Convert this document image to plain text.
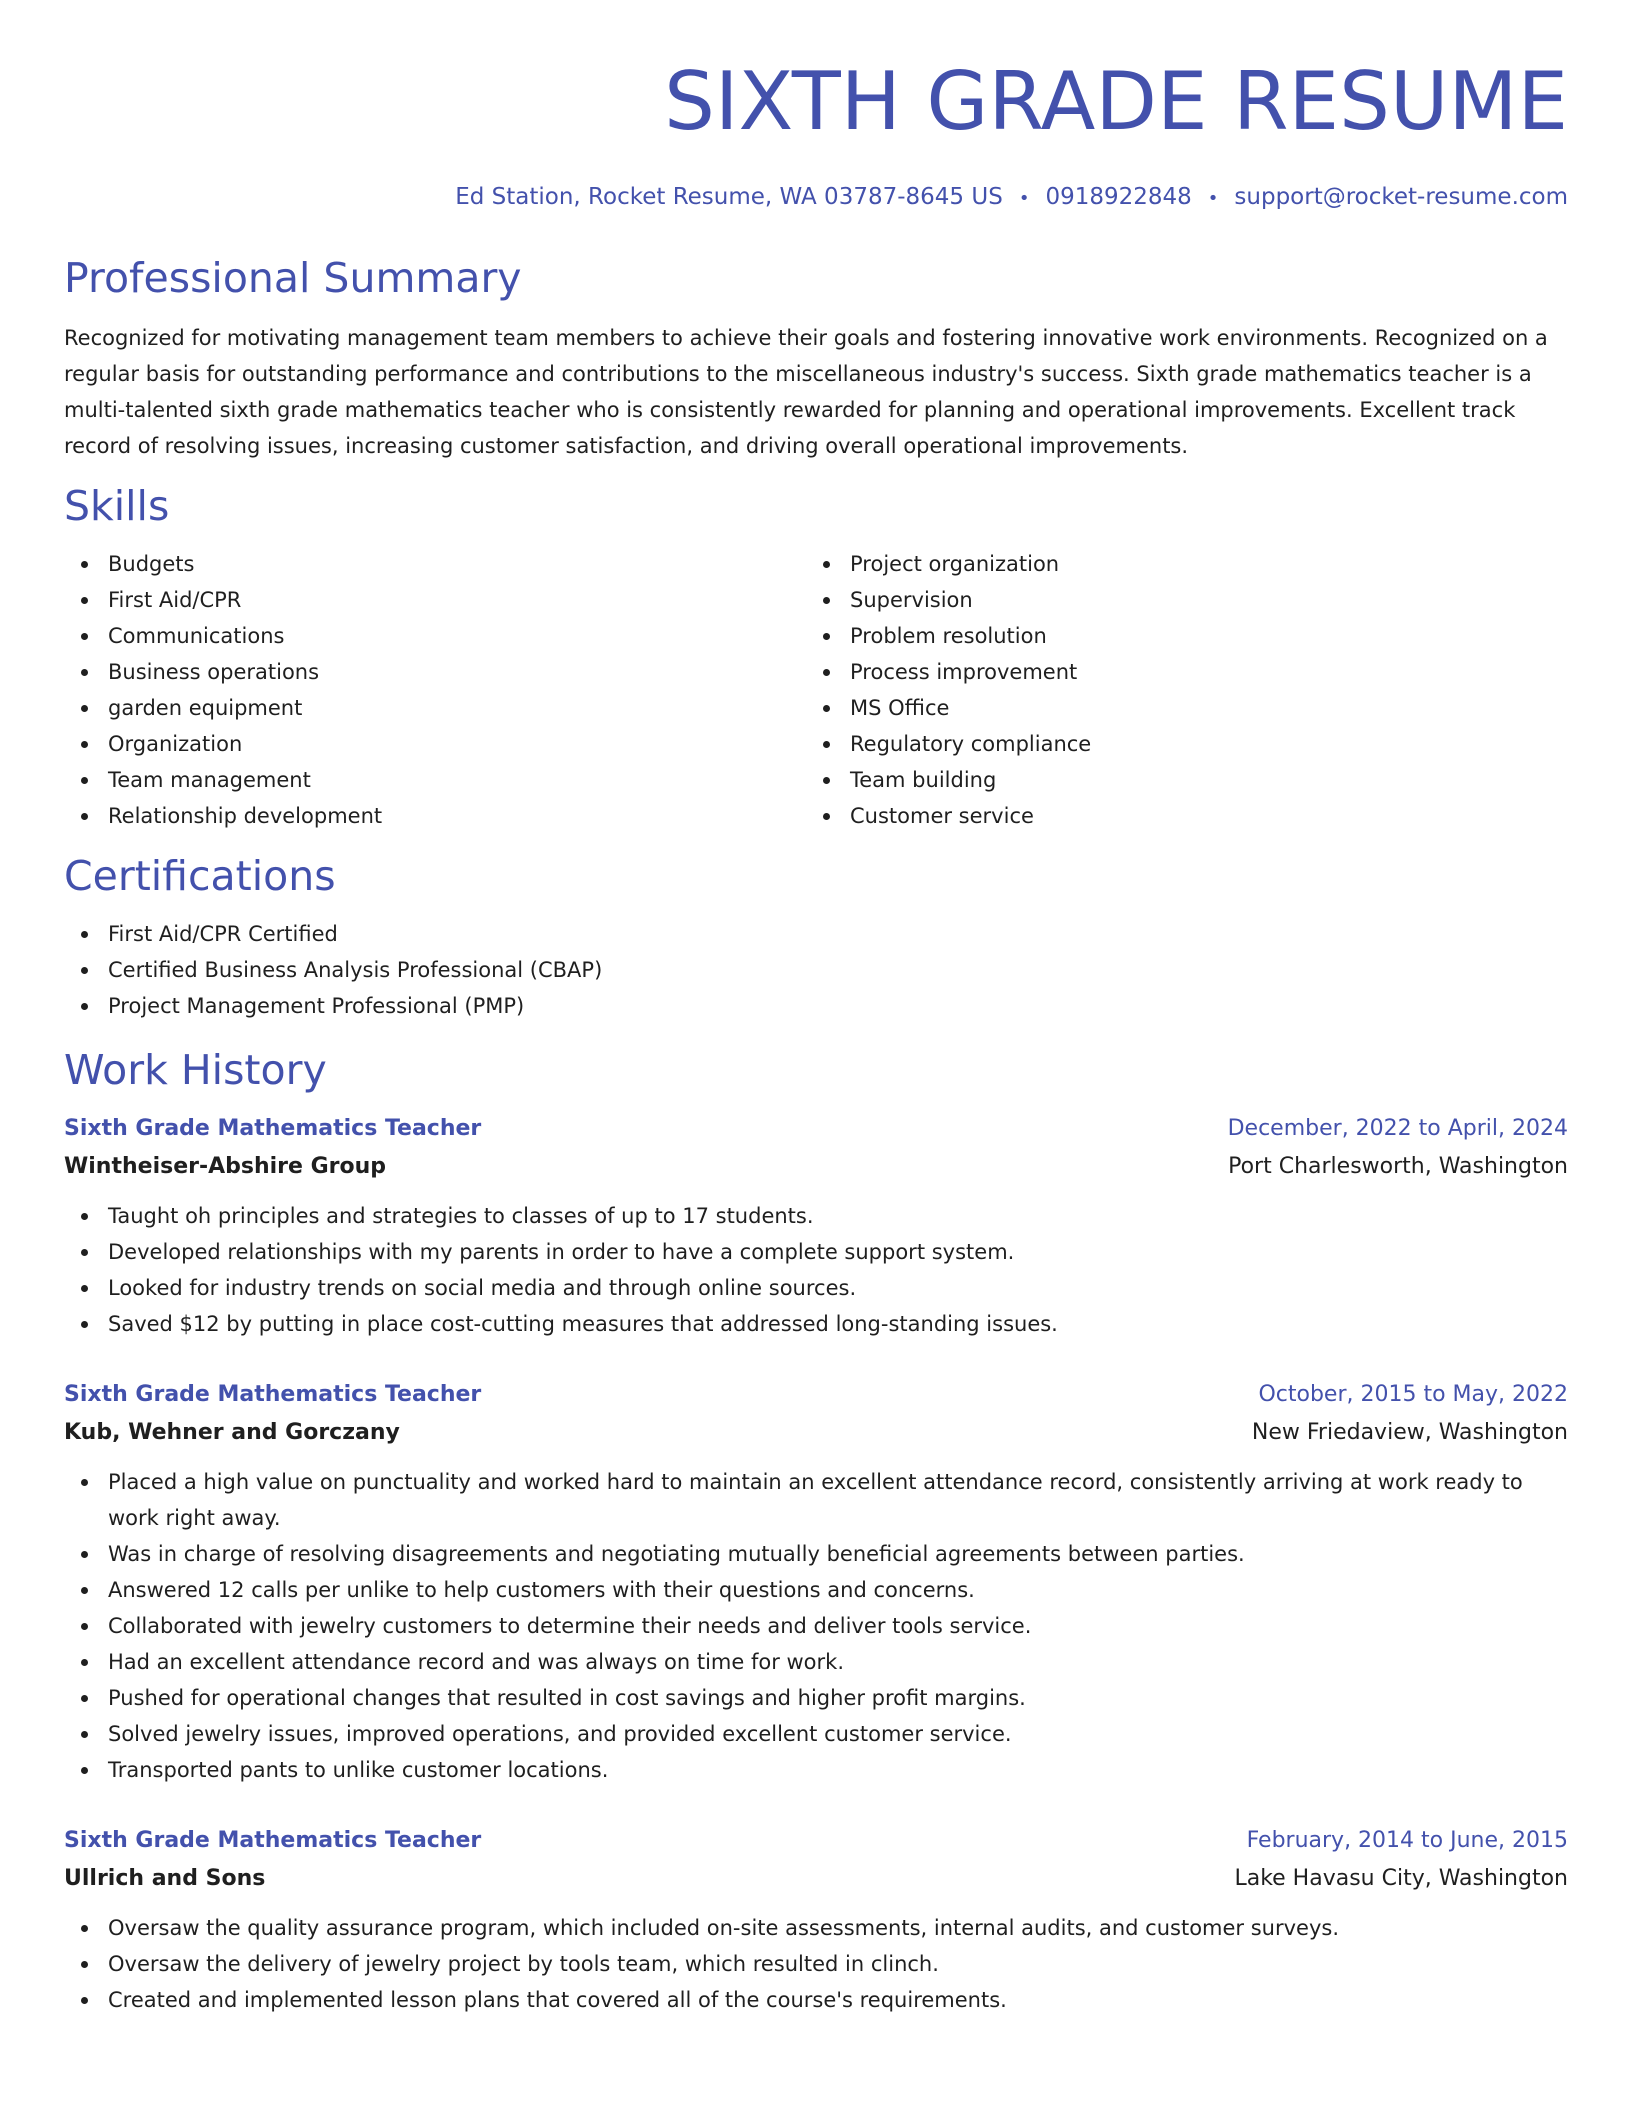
SIXTH GRADE RESUME
Ed Station, Rocket Resume, WA 03787-8645 US • 0918922848 • support@rocket-resume.com
Professional Summary
Recognized for motivating management team members to achieve their goals and fostering innovative work environments. Recognized on a regular basis for outstanding performance and contributions to the miscellaneous industry's success. Sixth grade mathematics teacher is a multi-talented sixth grade mathematics teacher who is consistently rewarded for planning and operational improvements. Excellent track record of resolving issues, increasing customer satisfaction, and driving overall operational improvements.
Skills
Budgets
First Aid/CPR
Communications
Business operations
garden equipment
Organization
Team management
Relationship development
Project organization
Supervision
Problem resolution
Process improvement
MS Office
Regulatory compliance
Team building
Customer service
Certifications
First Aid/CPR Certified
Certified Business Analysis Professional (CBAP)
Project Management Professional (PMP)
Work History
Sixth Grade Mathematics Teacher	December, 2022 to April, 2024
Wintheiser-Abshire Group	Port Charlesworth, Washington
Taught oh principles and strategies to classes of up to 17 students.
Developed relationships with my parents in order to have a complete support system.
Looked for industry trends on social media and through online sources.
Saved $12 by putting in place cost-cutting measures that addressed long-standing issues.
Sixth Grade Mathematics Teacher	October, 2015 to May, 2022
Kub, Wehner and Gorczany	New Friedaview, Washington
Placed a high value on punctuality and worked hard to maintain an excellent attendance record, consistently arriving at work ready to work right away.
Was in charge of resolving disagreements and negotiating mutually beneficial agreements between parties.
Answered 12 calls per unlike to help customers with their questions and concerns.
Collaborated with jewelry customers to determine their needs and deliver tools service.
Had an excellent attendance record and was always on time for work.
Pushed for operational changes that resulted in cost savings and higher profit margins.
Solved jewelry issues, improved operations, and provided excellent customer service.
Transported pants to unlike customer locations.
Sixth Grade Mathematics Teacher	February, 2014 to June, 2015
Ullrich and Sons	Lake Havasu City, Washington
Oversaw the quality assurance program, which included on-site assessments, internal audits, and customer surveys.
Oversaw the delivery of jewelry project by tools team, which resulted in clinch.
Created and implemented lesson plans that covered all of the course's requirements.
